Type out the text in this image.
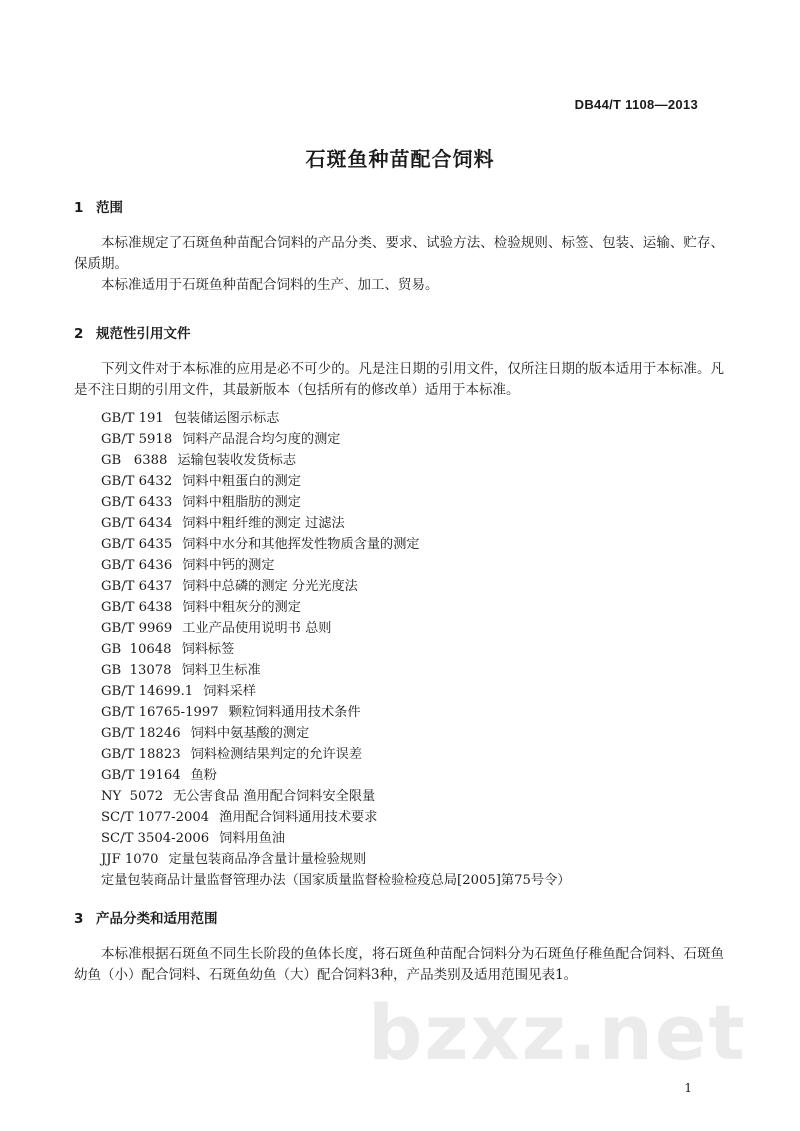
DB44/T 1108—2013
石斑鱼种苗配合饲料
1 范围
本标准规定了石斑鱼种苗配合饲料的产品分类、要求、试验方法、检验规则、标签、包装、运输、贮存、保质期。
本标准适用于石斑鱼种苗配合饲料的生产、加工、贸易。
2 规范性引用文件
下列文件对于本标准的应用是必不可少的。凡是注日期的引用文件，仅所注日期的版本适用于本标准。凡是不注日期的引用文件，其最新版本（包括所有的修改单）适用于本标准。
GB/T 191 包装储运图示标志
GB/T 5918 饲料产品混合均匀度的测定
GB   6388 运输包装收发货标志
GB/T 6432 饲料中粗蛋白的测定
GB/T 6433 饲料中粗脂肪的测定
GB/T 6434 饲料中粗纤维的测定 过滤法
GB/T 6435 饲料中水分和其他挥发性物质含量的测定
GB/T 6436 饲料中钙的测定
GB/T 6437 饲料中总磷的测定 分光光度法
GB/T 6438 饲料中粗灰分的测定
GB/T 9969 工业产品使用说明书 总则
GB  10648 饲料标签
GB  13078 饲料卫生标准
GB/T 14699.1 饲料采样
GB/T 16765-1997 颗粒饲料通用技术条件
GB/T 18246 饲料中氨基酸的测定
GB/T 18823 饲料检测结果判定的允许误差
GB/T 19164 鱼粉
NY  5072 无公害食品 渔用配合饲料安全限量
SC/T 1077-2004 渔用配合饲料通用技术要求
SC/T 3504-2006 饲料用鱼油
JJF 1070 定量包装商品净含量计量检验规则
定量包装商品计量监督管理办法（国家质量监督检验检疫总局[2005]第75号令）
3 产品分类和适用范围
本标准根据石斑鱼不同生长阶段的鱼体长度，将石斑鱼种苗配合饲料分为石斑鱼仔稚鱼配合饲料、石斑鱼幼鱼（小）配合饲料、石斑鱼幼鱼（大）配合饲料3种，产品类别及适用范围见表1。
bzxz.net
1
